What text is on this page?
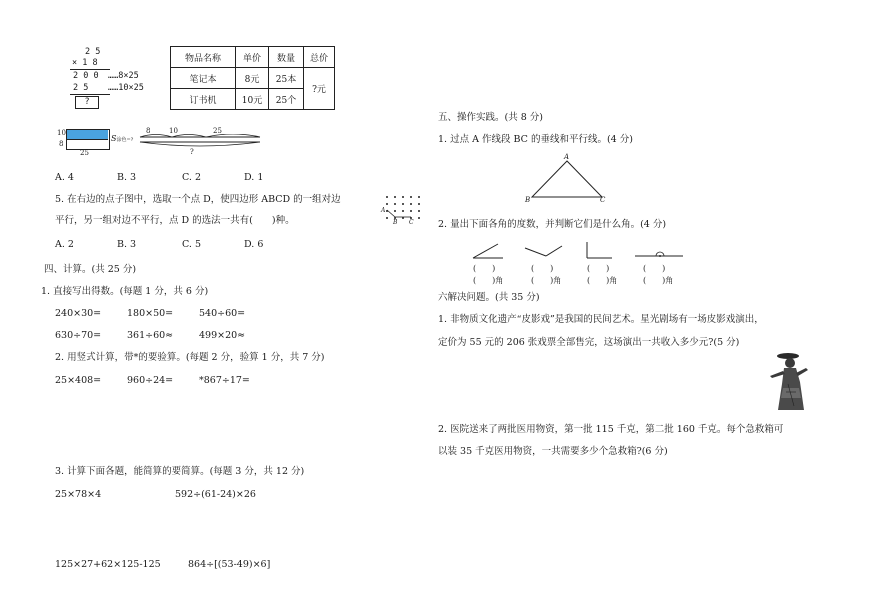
2 5
× 1 8
2 0 0 ……8×25
2 5 ……10×25
?
物品名称	单价	数量	总价
笔记本	8元	25本	?元
订书机	10元	25个	
10
8
25
S涂色=?
8	10	25
?
A. 4	B. 3	C. 2	D. 1
5. 在右边的点子图中，选取一个点 D，使四边形 ABCD 的一组对边
平行，另一组对边不平行，点 D 的选法一共有(　　)种。
A. 2	B. 3	C. 5	D. 6
A
B C
四、计算。(共 25 分)
1. 直接写出得数。(每题 1 分，共 6 分)
240×30=	180×50=	540÷60=
630÷70=	361÷60≈	499×20≈
2. 用竖式计算，带*的要验算。(每题 2 分，验算 1 分，共 7 分)
25×408=	960÷24=	*867÷17=
3. 计算下面各题，能简算的要简算。(每题 3 分，共 12 分)
25×78×4	592÷(61-24)×26
125×27+62×125-125	864÷[(53-49)×6]
五、操作实践。(共 8 分)
1. 过点 A 作线段 BC 的垂线和平行线。(4 分)
A
B	C
2. 量出下面各角的度数，并判断它们是什么角。(4 分)
(　　)	(　　)	(　　)	(　　)
(　　)角	(　　)角	(　　)角	(　　)角
六解决问题。(共 35 分)
1. 非物质文化遗产“皮影戏”是我国的民间艺术。星光剧场有一场皮影戏演出，
定价为 55 元的 206 张戏票全部售完，这场演出一共收入多少元?(5 分)
2. 医院送来了两批医用物资，第一批 115 千克，第二批 160 千克。每个急救箱可
以装 35 千克医用物资，一共需要多少个急救箱?(6 分)
